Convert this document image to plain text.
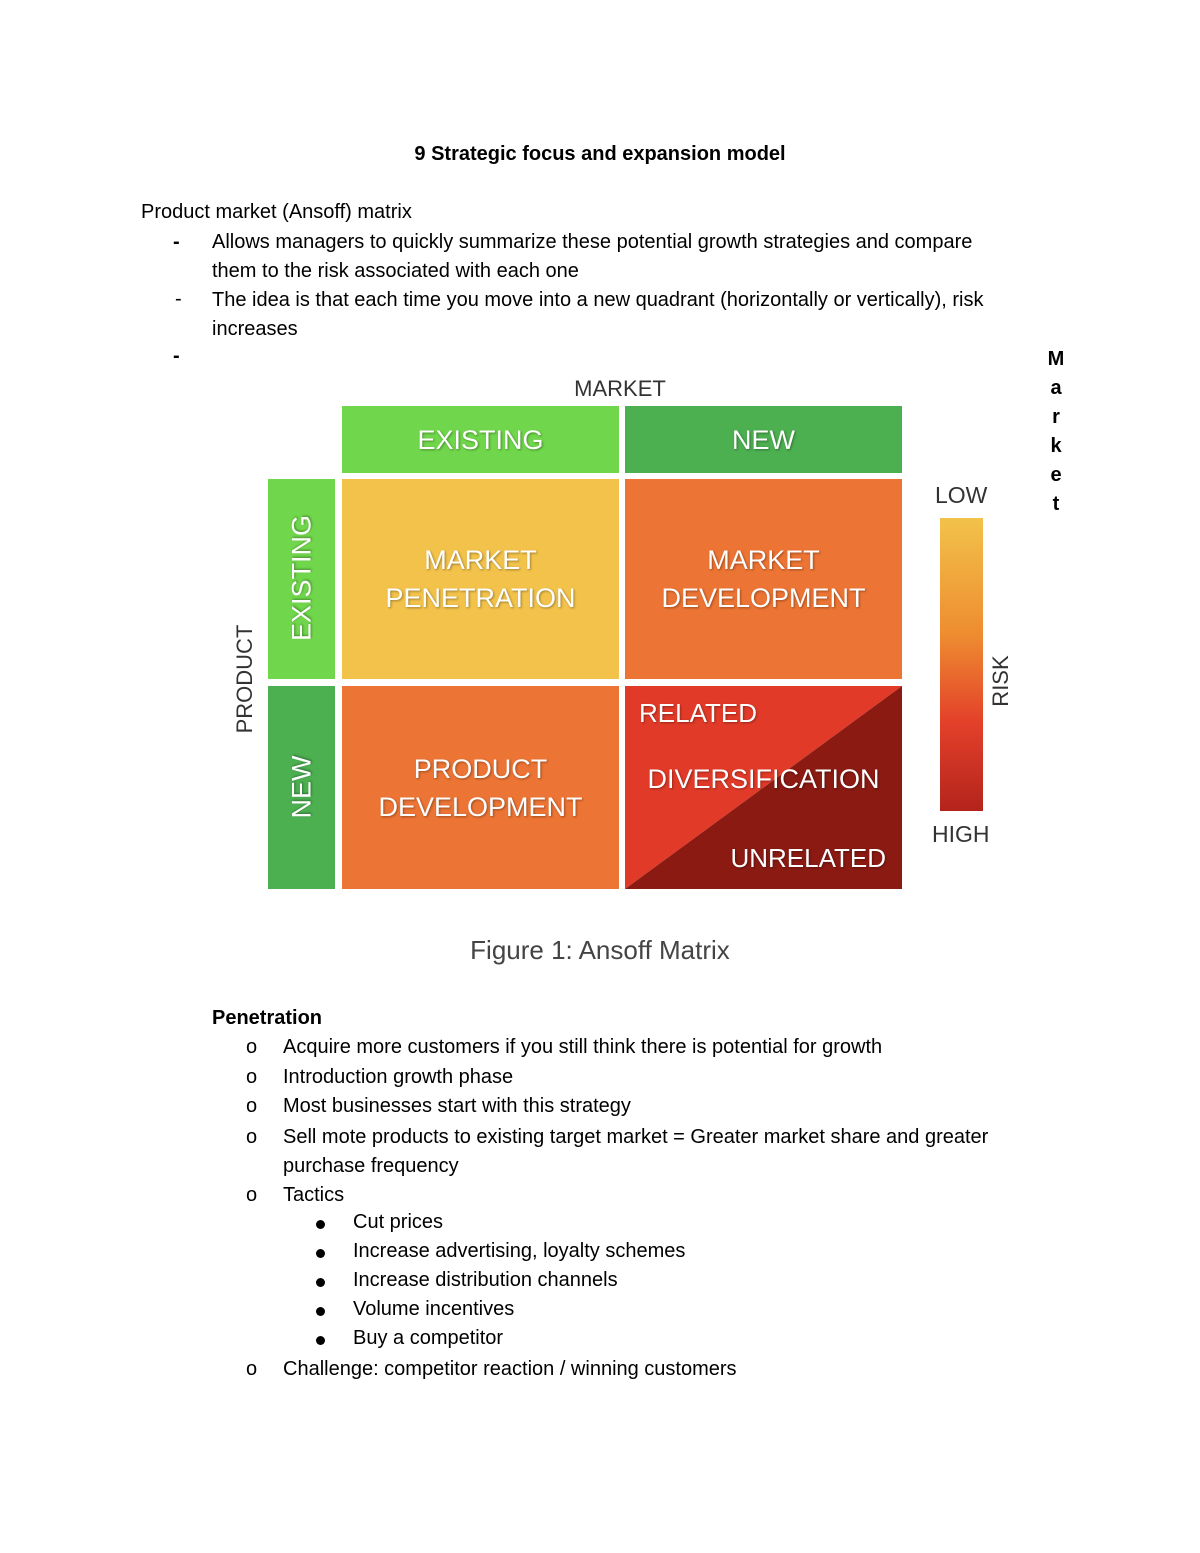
9 Strategic focus and expansion model
Product market (Ansoff) matrix
- Allows managers to quickly summarize these potential growth strategies and compare
them to the risk associated with each one
- The idea is that each time you move into a new quadrant (horizontally or vertically), risk
increases
-	M
a
r
k
e
t
MARKET
EXISTING	NEW
PRODUCT
EXISTING
NEW
MARKET
PENETRATION
MARKET
DEVELOPMENT
PRODUCT
DEVELOPMENT
RELATED
DIVERSIFICATION
UNRELATED
LOW
RISK
HIGH
Figure 1: Ansoff Matrix
Penetration
o Acquire more customers if you still think there is potential for growth
o Introduction growth phase
o Most businesses start with this strategy
o Sell mote products to existing target market = Greater market share and greater
purchase frequency
o Tactics
Cut prices
Increase advertising, loyalty schemes
Increase distribution channels
Volume incentives
Buy a competitor
o Challenge: competitor reaction / winning customers
